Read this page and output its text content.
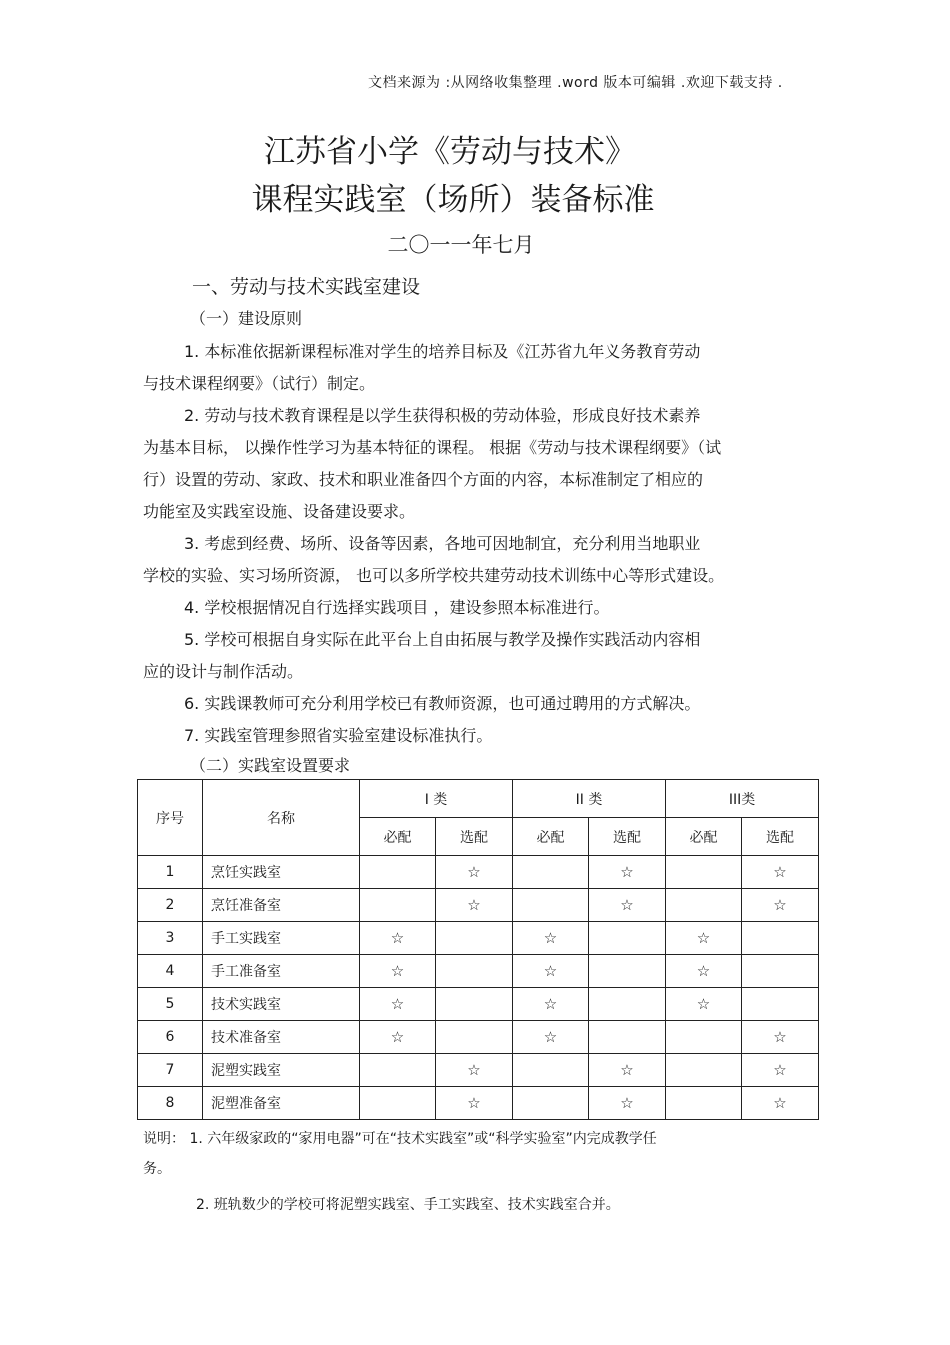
文档来源为 :从网络收集整理 .word 版本可编辑 .欢迎下载支持 .
江苏省小学《劳动与技术》
课程实践室（场所）装备标准
二〇一一年七月
一、劳动与技术实践室建设
（一）建设原则
1. 本标准依据新课程标准对学生的培养目标及《江苏省九年义务教育劳动
与技术课程纲要》（试行）制定。
2. 劳动与技术教育课程是以学生获得积极的劳动体验，形成良好技术素养
为基本目标， 以操作性学习为基本特征的课程。 根据《劳动与技术课程纲要》（试
行）设置的劳动、家政、技术和职业准备四个方面的内容，本标准制定了相应的
功能室及实践室设施、设备建设要求。
3. 考虑到经费、场所、设备等因素，各地可因地制宜，充分利用当地职业
学校的实验、实习场所资源， 也可以多所学校共建劳动技术训练中心等形式建设。
4. 学校根据情况自行选择实践项目 ，建设参照本标准进行。
5. 学校可根据自身实际在此平台上自由拓展与教学及操作实践活动内容相
应的设计与制作活动。
6. 实践课教师可充分利用学校已有教师资源，也可通过聘用的方式解决。
7. 实践室管理参照省实验室建设标准执行。
（二）实践室设置要求
序号	名称	I 类		II 类		III类	
		必配	选配	必配	选配	必配	选配
1	烹饪实践室		☆		☆		☆
2	烹饪准备室		☆		☆		☆
3	手工实践室	☆		☆		☆	
4	手工准备室	☆		☆		☆	
5	技术实践室	☆		☆		☆	
6	技术准备室	☆		☆			☆
7	泥塑实践室		☆		☆		☆
8	泥塑准备室		☆		☆		☆
说明： 1. 六年级家政的“家用电器”可在“技术实践室”或“科学实验室”内完成教学任
务。
2. 班轨数少的学校可将泥塑实践室、手工实践室、技术实践室合并。
